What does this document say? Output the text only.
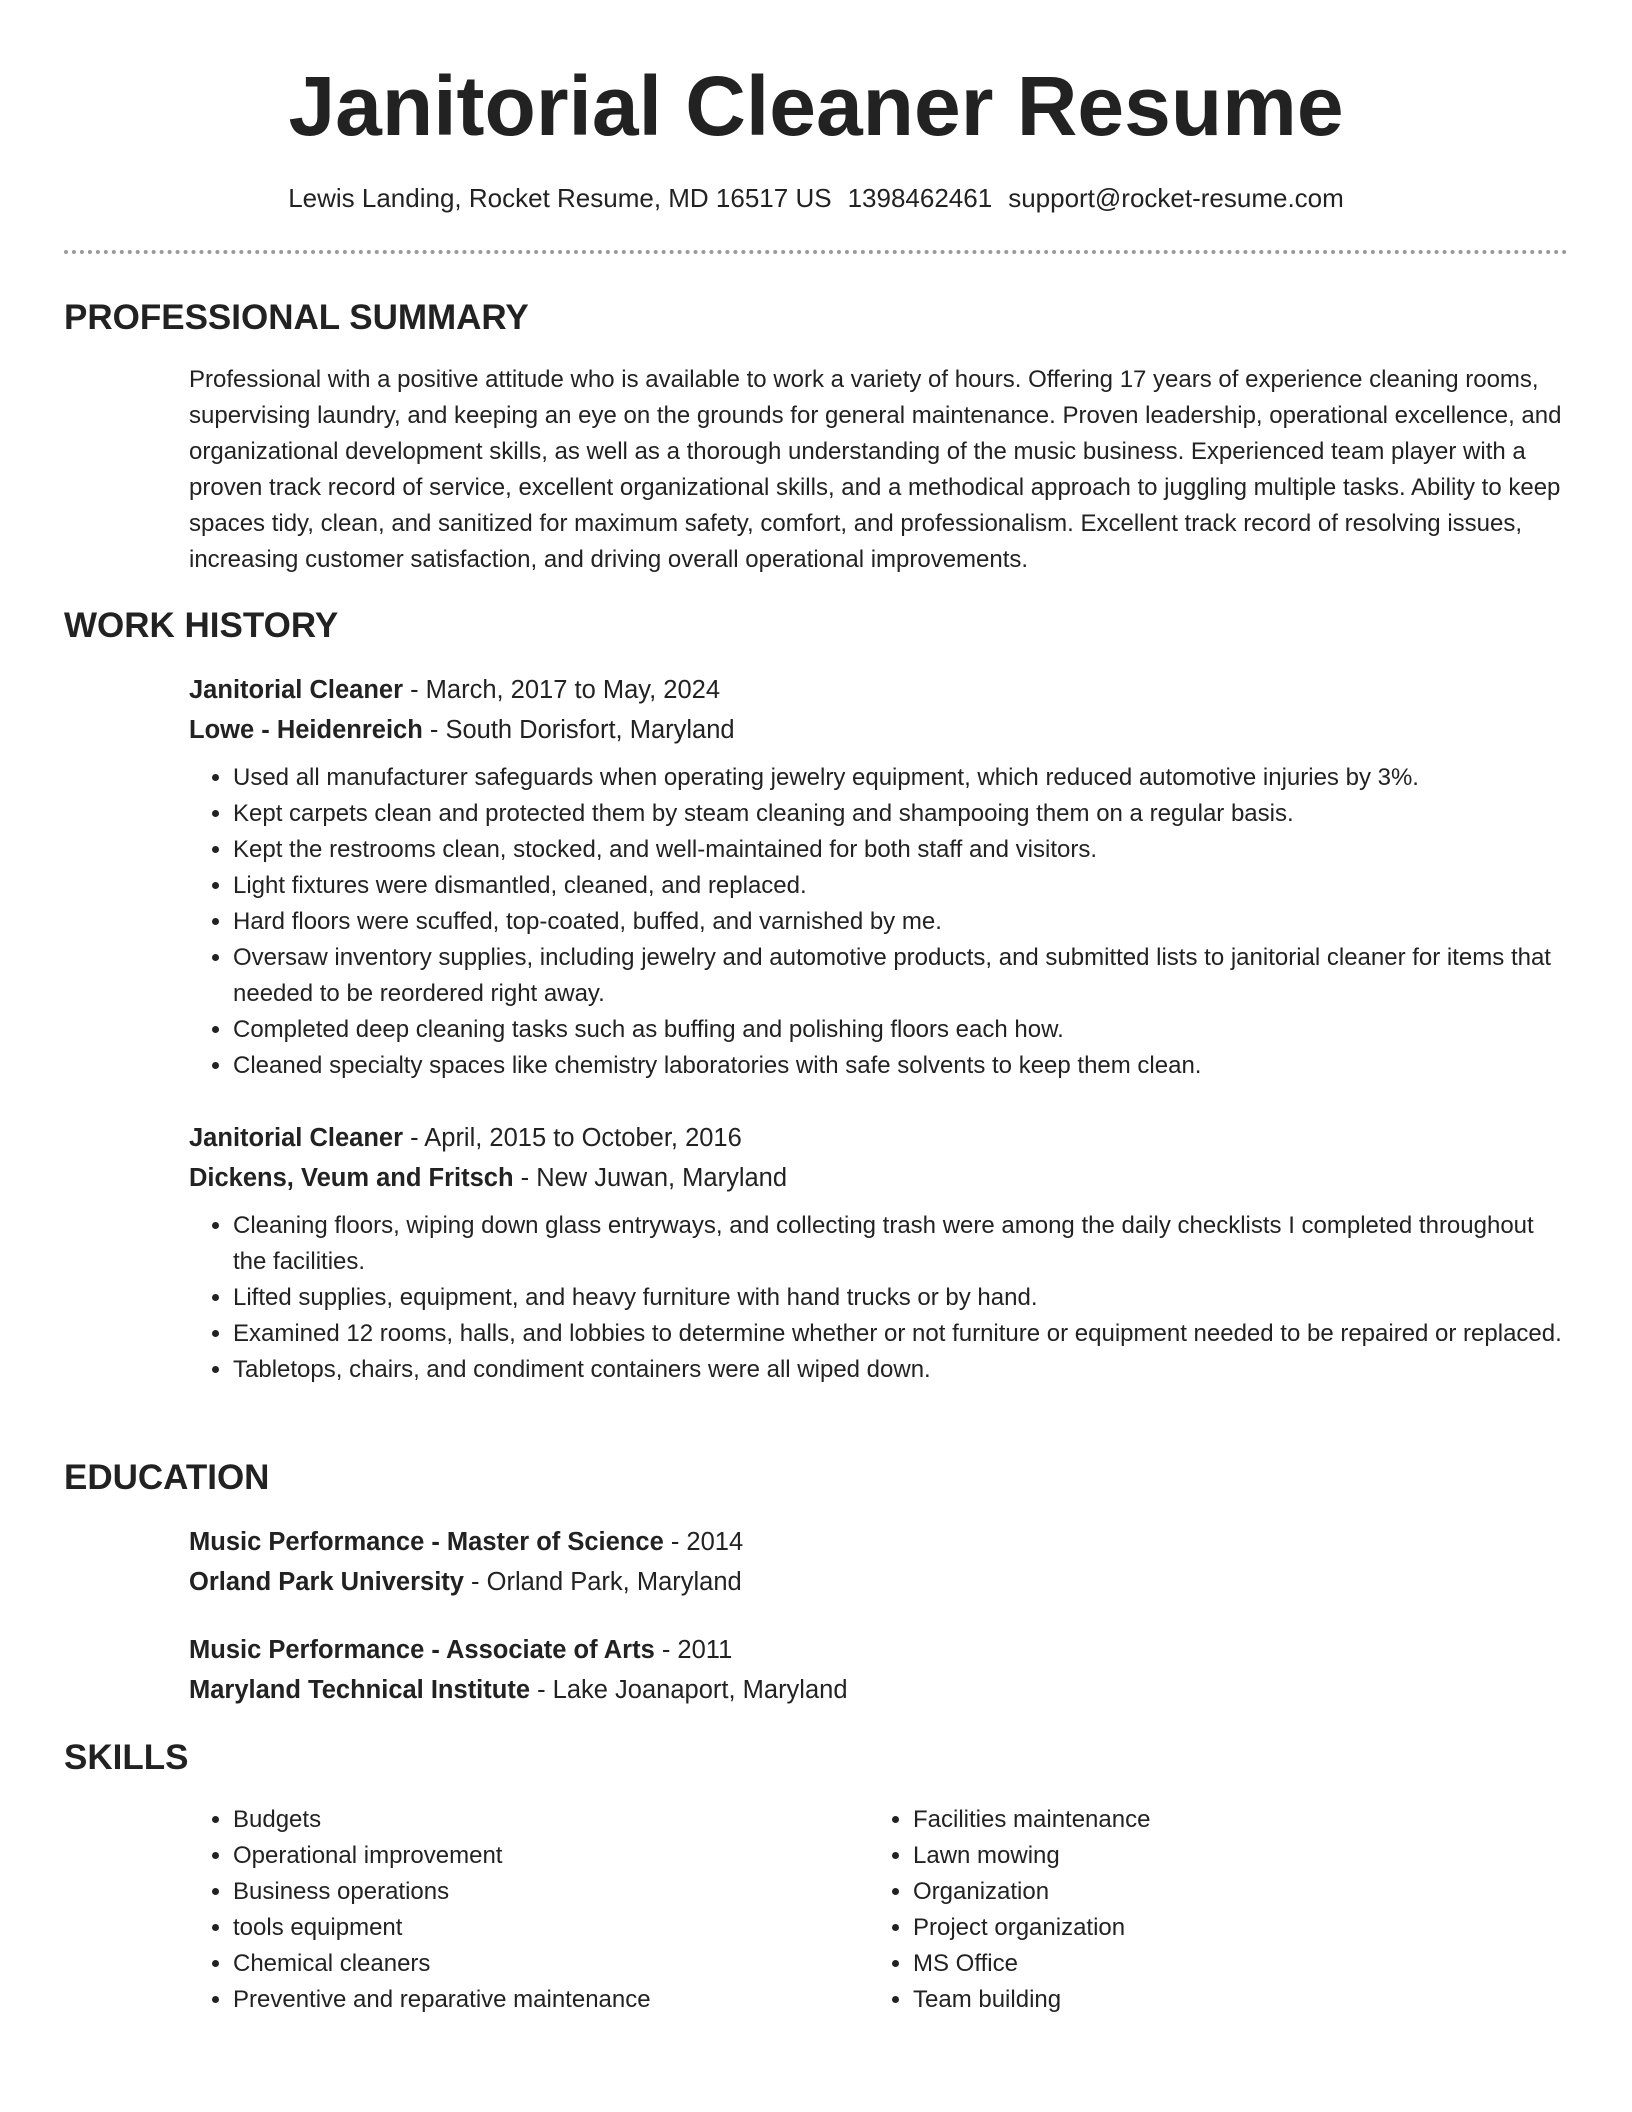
Janitorial Cleaner Resume
Lewis Landing, Rocket Resume, MD 16517 US 1398462461 support@rocket-resume.com
PROFESSIONAL SUMMARY

Professional with a positive attitude who is available to work a variety of hours. Offering 17 years of experience cleaning rooms, supervising laundry, and keeping an eye on the grounds for general maintenance. Proven leadership, operational excellence, and organizational development skills, as well as a thorough understanding of the music business. Experienced team player with a proven track record of service, excellent organizational skills, and a methodical approach to juggling multiple tasks. Ability to keep spaces tidy, clean, and sanitized for maximum safety, comfort, and professionalism. Excellent track record of resolving issues, increasing customer satisfaction, and driving overall operational improvements.

WORK HISTORY
Janitorial Cleaner - March, 2017 to May, 2024
Lowe - Heidenreich - South Dorisfort, Maryland
• Used all manufacturer safeguards when operating jewelry equipment, which reduced automotive injuries by 3%.
• Kept carpets clean and protected them by steam cleaning and shampooing them on a regular basis.
• Kept the restrooms clean, stocked, and well-maintained for both staff and visitors.
• Light fixtures were dismantled, cleaned, and replaced.
• Hard floors were scuffed, top-coated, buffed, and varnished by me.
• Oversaw inventory supplies, including jewelry and automotive products, and submitted lists to janitorial cleaner for items that needed to be reordered right away.
• Completed deep cleaning tasks such as buffing and polishing floors each how.
• Cleaned specialty spaces like chemistry laboratories with safe solvents to keep them clean.
Janitorial Cleaner - April, 2015 to October, 2016
Dickens, Veum and Fritsch - New Juwan, Maryland
• Cleaning floors, wiping down glass entryways, and collecting trash were among the daily checklists I completed throughout the facilities.
• Lifted supplies, equipment, and heavy furniture with hand trucks or by hand.
• Examined 12 rooms, halls, and lobbies to determine whether or not furniture or equipment needed to be repaired or replaced.
• Tabletops, chairs, and condiment containers were all wiped down.
EDUCATION
Music Performance - Master of Science - 2014
Orland Park University - Orland Park, Maryland
Music Performance - Associate of Arts - 2011
Maryland Technical Institute - Lake Joanaport, Maryland
SKILLS
• Budgets
• Operational improvement
• Business operations
• tools equipment
• Chemical cleaners
• Preventive and reparative maintenance
• Facilities maintenance
• Lawn mowing
• Organization
• Project organization
• MS Office
• Team building
